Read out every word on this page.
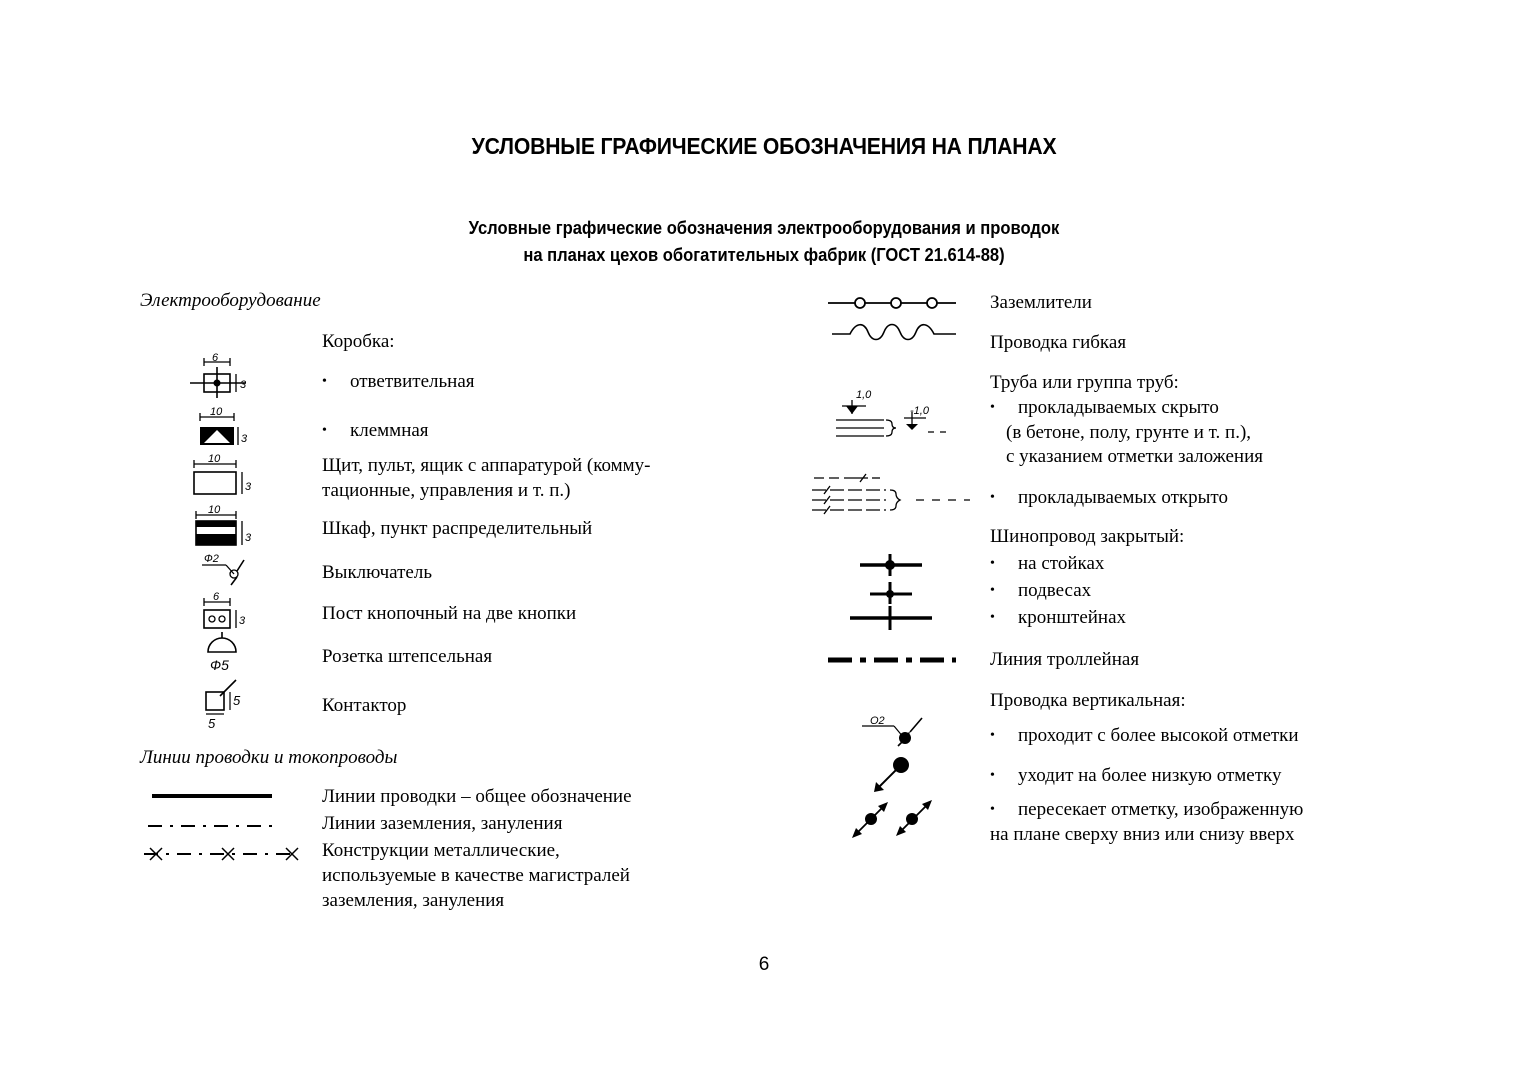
УСЛОВНЫЕ ГРАФИЧЕСКИЕ ОБОЗНАЧЕНИЯ НА ПЛАНАХ
Условные графические обозначения электрооборудования и проводок
на планах цехов обогатительных фабрик (ГОСТ 21.614-88)
Электрооборудование
Коробка:
6
3	• ответвительная
10
3	• клеммная
10
3
Щит, пульт, ящик с аппаратурой (комму-
тационные, управления и т. п.)
10
3	Шкаф, пункт распределительный
Ф2
Выключатель
6
3	Пост кнопочный на две кнопки
Ф5	Розетка штепсельная
5
5
Контактор
Линии проводки и токопроводы
Линии проводки – общее обозначение
Линии заземления, зануления
Конструкции металлические,
используемые в качестве магистралей
заземления, зануления
Заземлители
Проводка гибкая
Труба или группа труб:
1,0
-1,0	• прокладываемых скрыто
(в бетоне, полу, грунте и т. п.),
с указанием отметки заложения
• прокладываемых открыто
Шинопровод закрытый:
• на стойках
• подвесах
• кронштейнах
Линия троллейная
Проводка вертикальная:
О2
• проходит с более высокой отметки
• уходит на более низкую отметку
• пересекает отметку, изображенную
на плане сверху вниз или снизу вверх
6
